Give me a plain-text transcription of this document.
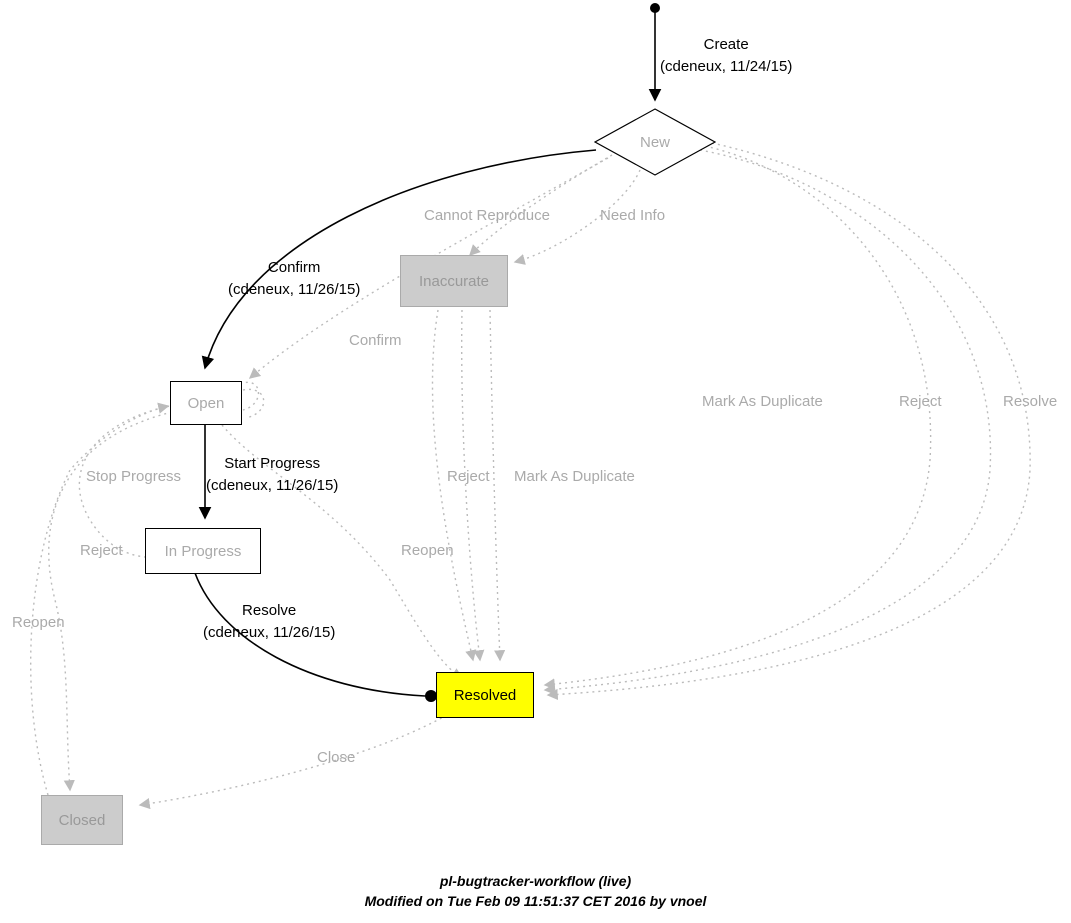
New
Inaccurate
Open
In Progress
Resolved
Closed
Create
(cdeneux, 11/24/15)
Confirm
(cdeneux, 11/26/15)
Start Progress
(cdeneux, 11/26/15)
Resolve
(cdeneux, 11/26/15)
Cannot Reproduce	Need Info
Confirm
Mark As Duplicate	Reject	Resolve
Stop Progress	Reject Mark As Duplicate
Reject	Reopen
Reopen
Close
pl-bugtracker-workflow (live)
Modified on Tue Feb 09 11:51:37 CET 2016 by vnoel
